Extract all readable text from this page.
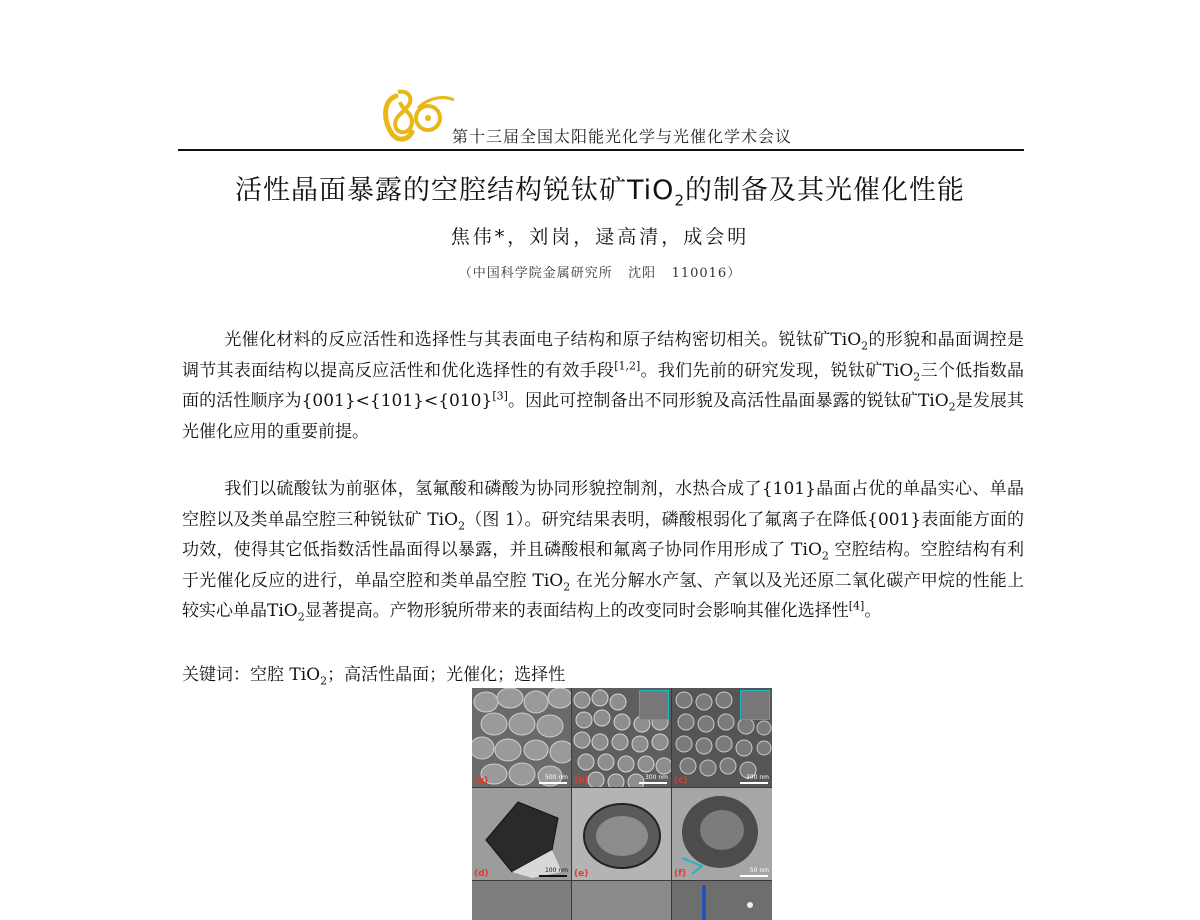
第十三届全国太阳能光化学与光催化学术会议
活性晶面暴露的空腔结构锐钛矿TiO$_2$的制备及其光催化性能
焦伟*，刘岗，逯高清，成会明
（中国科学院金属研究所   沈阳   110016）
光催化材料的反应活性和选择性与其表面电子结构和原子结构密切相关。锐钛矿TiO$_2$的形貌和晶面调控是调节其表面结构以提高反应活性和优化选择性的有效手段[1,2]。我们先前的研究发现，锐钛矿TiO$_2$三个低指数晶面的活性顺序为{001}<{101}<{010}[3]。因此可控制备出不同形貌及高活性晶面暴露的锐钛矿TiO$_2$是发展其光催化应用的重要前提。
我们以硫酸钛为前驱体，氢氟酸和磷酸为协同形貌控制剂，水热合成了{101}晶面占优的单晶实心、单晶空腔以及类单晶空腔三种锐钛矿 TiO$_2$（图 1）。研究结果表明，磷酸根弱化了氟离子在降低{001}表面能方面的功效，使得其它低指数活性晶面得以暴露，并且磷酸根和氟离子协同作用形成了 TiO$_2$ 空腔结构。空腔结构有利于光催化反应的进行，单晶空腔和类单晶空腔 TiO$_2$ 在光分解水产氢、产氧以及光还原二氧化碳产甲烷的性能上较实心单晶TiO$_2$显著提高。产物形貌所带来的表面结构上的改变同时会影响其催化选择性[4]。
关键词：空腔 TiO$_2$；高活性晶面；光催化；选择性
(a)	500 nm (b)	300 nm (c)	300 nm
(d)	100 nm (e)	(f)	50 nm
